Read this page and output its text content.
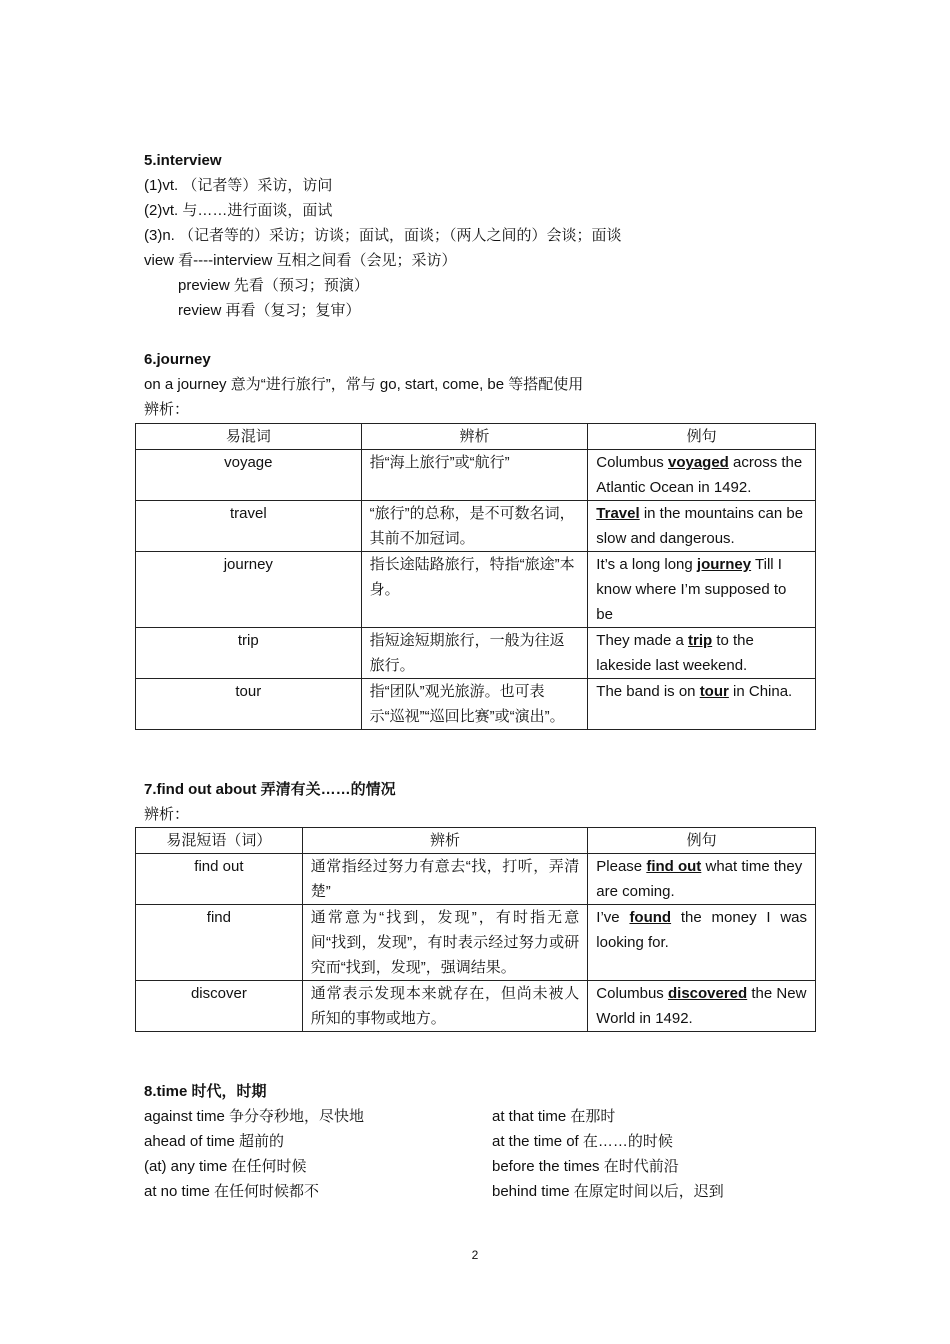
5.interview
(1)vt. （记者等）采访，访问
(2)vt. 与……进行面谈，面试
(3)n. （记者等的）采访；访谈；面试，面谈；（两人之间的）会谈；面谈
view 看----interview 互相之间看（会见；采访）
preview 先看（预习；预演）
review 再看（复习；复审）
6.journey
on a journey 意为“进行旅行”，常与 go, start, come, be 等搭配使用
辨析：
易混词	辨析	例句
voyage	指“海上旅行”或“航行”	Columbus voyaged across the Atlantic Ocean in 1492.
travel	“旅行”的总称，是不可数名词，其前不加冠词。	Travel in the mountains can be slow and dangerous.
journey	指长途陆路旅行，特指“旅途”本身。	It’s a long long journey Till I know where I’m supposed to be
trip	指短途短期旅行，一般为往返旅行。	They made a trip to the lakeside last weekend.
tour	指“团队”观光旅游。也可表示“巡视”“巡回比赛”或“演出”。	The band is on tour in China.
7.find out about 弄清有关……的情况
辨析：
易混短语（词）	辨析	例句
find out	通常指经过努力有意去“找，打听，弄清楚”	Please find out what time they are coming.
find	通常意为“找到，发现”，有时指无意间“找到，发现”，有时表示经过努力或研究而“找到，发现”，强调结果。	I’ve found the money I was looking for.
discover	通常表示发现本来就存在，但尚未被人所知的事物或地方。	Columbus discovered the New World in 1492.
8.time 时代，时期
against time 争分夺秒地，尽快地
ahead of time 超前的
(at) any time 在任何时候
at no time 在任何时候都不
at that time 在那时
at the time of 在……的时候
before the times 在时代前沿
behind time 在原定时间以后，迟到
2
